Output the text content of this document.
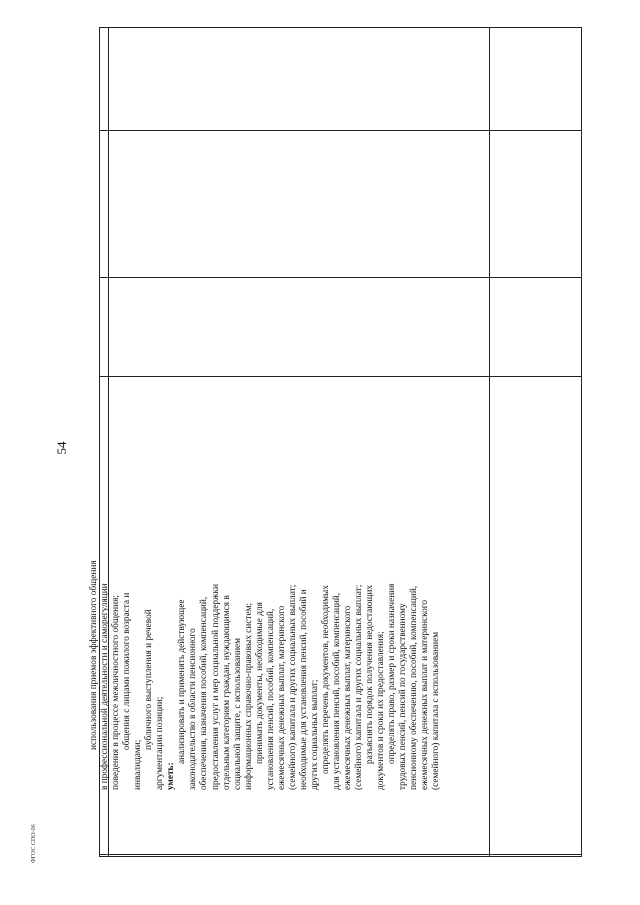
54
использования приемов эффективного общения в профессиональной деятельности и саморегуляции поведения в процессе межличностного общения; общения с лицами пожилого возраста и
инвалидами;
публичного выступления и речевой аргументации позиции; уметь:
анализировать и применять действующее законодательство в области пенсионного обеспечения, назначения пособий, компенсаций, предоставления услуг и мер социальной поддержки отдельным категориям граждан, нуждающимся в социальной защите, с использованием информационных справочно-правовых систем; принимать документы, необходимые для установления пенсий, пособий, компенсаций, ежемесячных денежных выплат, материнского (семейного) капитала и других социальных выплат; необходимые для установления пенсий, пособий и других социальных выплат; определять перечень документов, необходимых для установления пенсий, пособий, компенсаций, ежемесячных денежных выплат, материнского (семейного) капитала и других социальных выплат; разъяснять порядок получения недостающих документов и сроки их предоставления; определять право, размер и сроки назначения трудовых пенсий, пенсий по государственному пенсионному обеспечению, пособий, компенсаций, ежемесячных денежных выплат и материнского (семейного) капитала с использованием
ФГОС СПО-06
